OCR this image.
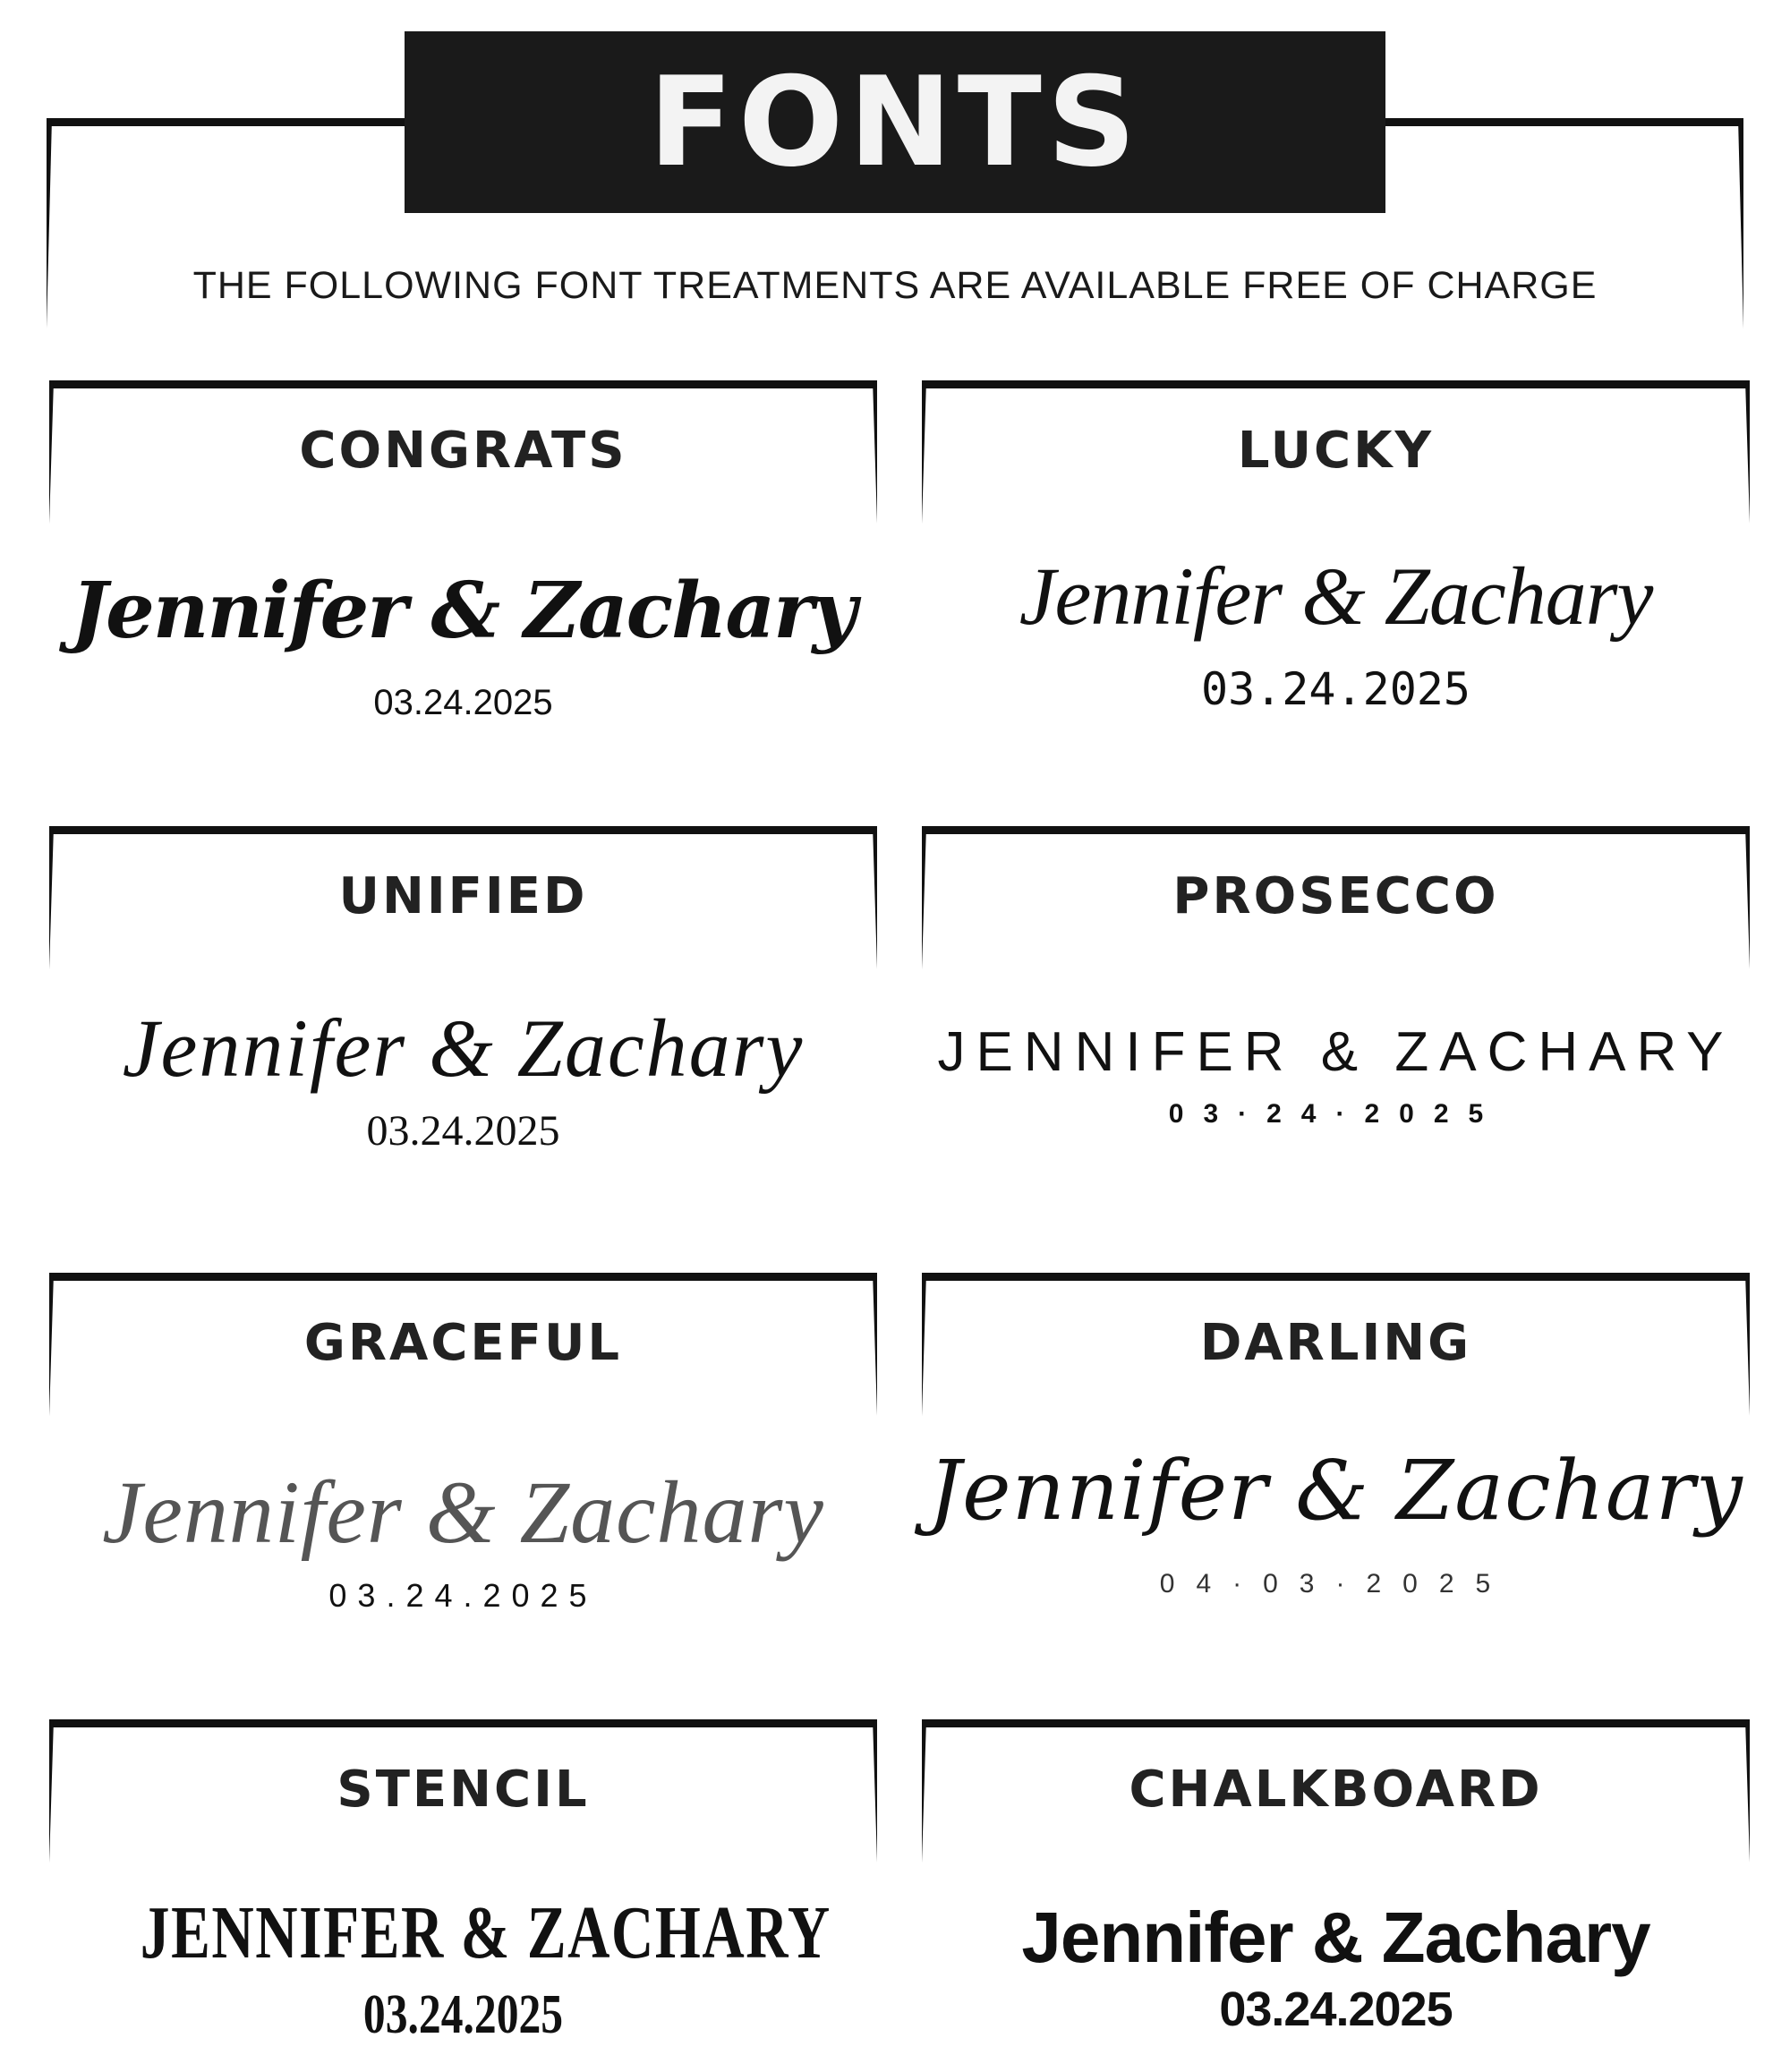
FONTS
THE FOLLOWING FONT TREATMENTS ARE AVAILABLE FREE OF CHARGE
CONGRATS
Jennifer & Zachary
03.24.2025
LUCKY
Jennifer & Zachary
03.24.2025
UNIFIED
Jennifer & Zachary
03.24.2025
PROSECCO
JENNIFER & ZACHARY
03·24·2025
GRACEFUL
Jennifer & Zachary
03.24.2025
DARLING
Jennifer & Zachary
04·03·2025
STENCIL
JENNIFER & ZACHARY
03.24.2025
CHALKBOARD
Jennifer & Zachary
03.24.2025
